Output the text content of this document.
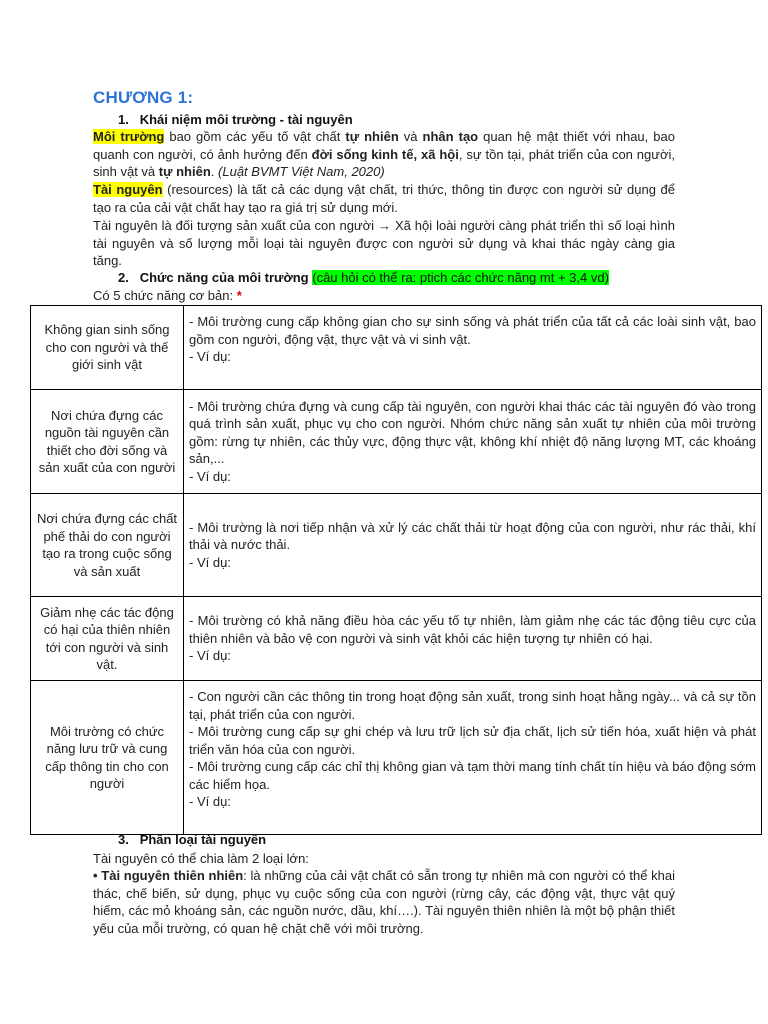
CHƯƠNG 1:
1. Khái niệm môi trường - tài nguyên
Môi trường bao gồm các yếu tố vật chất tự nhiên và nhân tạo quan hệ mật thiết với nhau, bao quanh con người, có ảnh hưởng đến đời sống kinh tế, xã hội, sự tồn tại, phát triển của con người, sinh vật và tự nhiên. (Luật BVMT Việt Nam, 2020)
Tài nguyên (resources) là tất cả các dụng vật chất, tri thức, thông tin được con người sử dụng để tạo ra của cải vật chất hay tạo ra giá trị sử dụng mới.
Tài nguyên là đối tượng sản xuất của con người → Xã hội loài người càng phát triển thì số loại hình tài nguyên và số lượng mỗi loại tài nguyên được con người sử dụng và khai thác ngày càng gia tăng.
2. Chức năng của môi trường (câu hỏi có thể ra: ptich các chức năng mt + 3,4 vd)
Có 5 chức năng cơ bản: *
Không gian sinh sống cho con người và thế giới sinh vật	- Môi trường cung cấp không gian cho sự sinh sống và phát triển của tất cả các loài sinh vật, bao gồm con người, động vật, thực vật và vi sinh vật.
- Ví dụ:

Nơi chứa đựng các nguồn tài nguyên cần thiết cho đời sống và sản xuất của con người	- Môi trường chứa đựng và cung cấp tài nguyên, con người khai thác các tài nguyên đó vào trong quá trình sản xuất, phục vụ cho con người. Nhóm chức năng sản xuất tự nhiên của môi trường gồm: rừng tự nhiên, các thủy vực, động thực vật, không khí nhiệt độ năng lượng MT, các khoáng sản,...
- Ví dụ:

Nơi chứa đựng các chất phế thải do con người tạo ra trong cuộc sống và sản xuất	- Môi trường là nơi tiếp nhận và xử lý các chất thải từ hoạt động của con người, như rác thải, khí thải và nước thải.
- Ví dụ:

Giảm nhẹ các tác động có hại của thiên nhiên tới con người và sinh vật.	- Môi trường có khả năng điều hòa các yếu tố tự nhiên, làm giảm nhẹ các tác động tiêu cực của thiên nhiên và bảo vệ con người và sinh vật khỏi các hiện tượng tự nhiên có hại.
- Ví dụ:

Môi trường có chức năng lưu trữ và cung cấp thông tin cho con người	- Con người cần các thông tin trong hoạt động sản xuất, trong sinh hoạt hằng ngày... và cả sự tồn tại, phát triển của con người.
- Môi trường cung cấp sự ghi chép và lưu trữ lịch sử địa chất, lịch sử tiến hóa, xuất hiện và phát triển văn hóa của con người.
- Môi trường cung cấp các chỉ thị không gian và tạm thời mang tính chất tín hiệu và báo động sớm các hiểm họa.
- Ví dụ:
3. Phân loại tài nguyên
Tài nguyên có thể chia làm 2 loại lớn:
• Tài nguyên thiên nhiên: là những của cải vật chất có sẵn trong tự nhiên mà con người có thể khai thác, chế biến, sử dụng, phục vụ cuộc sống của con người (rừng cây, các động vật, thực vật quý hiếm, các mỏ khoáng sản, các nguồn nước, dầu, khí….). Tài nguyên thiên nhiên là một bộ phận thiết yếu của mỗi trường, có quan hệ chặt chẽ với môi trường.
